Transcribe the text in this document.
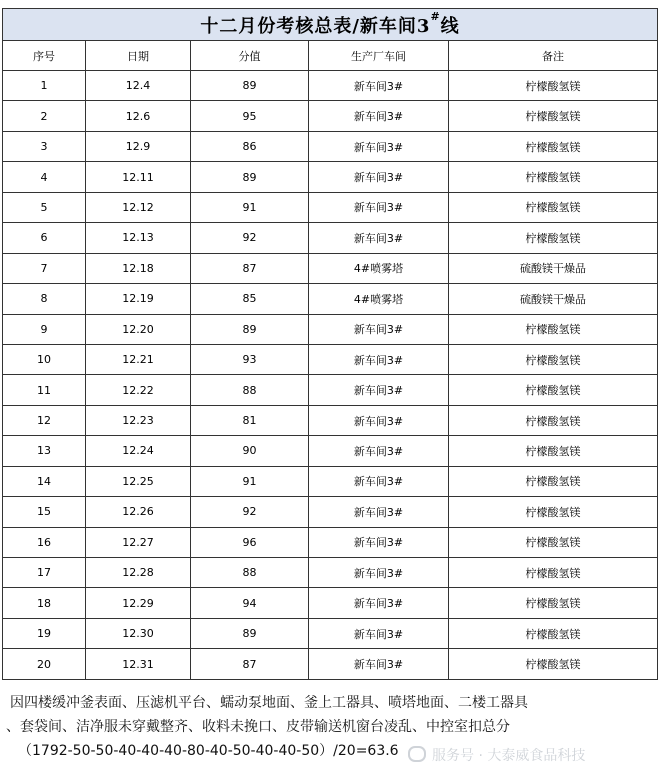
十二月份考核总表/新车间3#线				
序号	日期	分值	生产厂车间	备注
1	12.4	89	新车间3#	柠檬酸氢镁
2	12.6	95	新车间3#	柠檬酸氢镁
3	12.9	86	新车间3#	柠檬酸氢镁
4	12.11	89	新车间3#	柠檬酸氢镁
5	12.12	91	新车间3#	柠檬酸氢镁
6	12.13	92	新车间3#	柠檬酸氢镁
7	12.18	87	4#喷雾塔	硫酸镁干燥品
8	12.19	85	4#喷雾塔	硫酸镁干燥品
9	12.20	89	新车间3#	柠檬酸氢镁
10	12.21	93	新车间3#	柠檬酸氢镁
11	12.22	88	新车间3#	柠檬酸氢镁
12	12.23	81	新车间3#	柠檬酸氢镁
13	12.24	90	新车间3#	柠檬酸氢镁
14	12.25	91	新车间3#	柠檬酸氢镁
15	12.26	92	新车间3#	柠檬酸氢镁
16	12.27	96	新车间3#	柠檬酸氢镁
17	12.28	88	新车间3#	柠檬酸氢镁
18	12.29	94	新车间3#	柠檬酸氢镁
19	12.30	89	新车间3#	柠檬酸氢镁
20	12.31	87	新车间3#	柠檬酸氢镁
因四楼缓冲釜表面、压滤机平台、蠕动泵地面、釜上工器具、喷塔地面、二楼工器具
、套袋间、洁净服未穿戴整齐、收料未挽口、皮带输送机窗台凌乱、中控室扣总分
（1792-50-50-40-40-40-80-40-50-40-40-50）/20=63.6	服务号 · 大泰威食品科技
